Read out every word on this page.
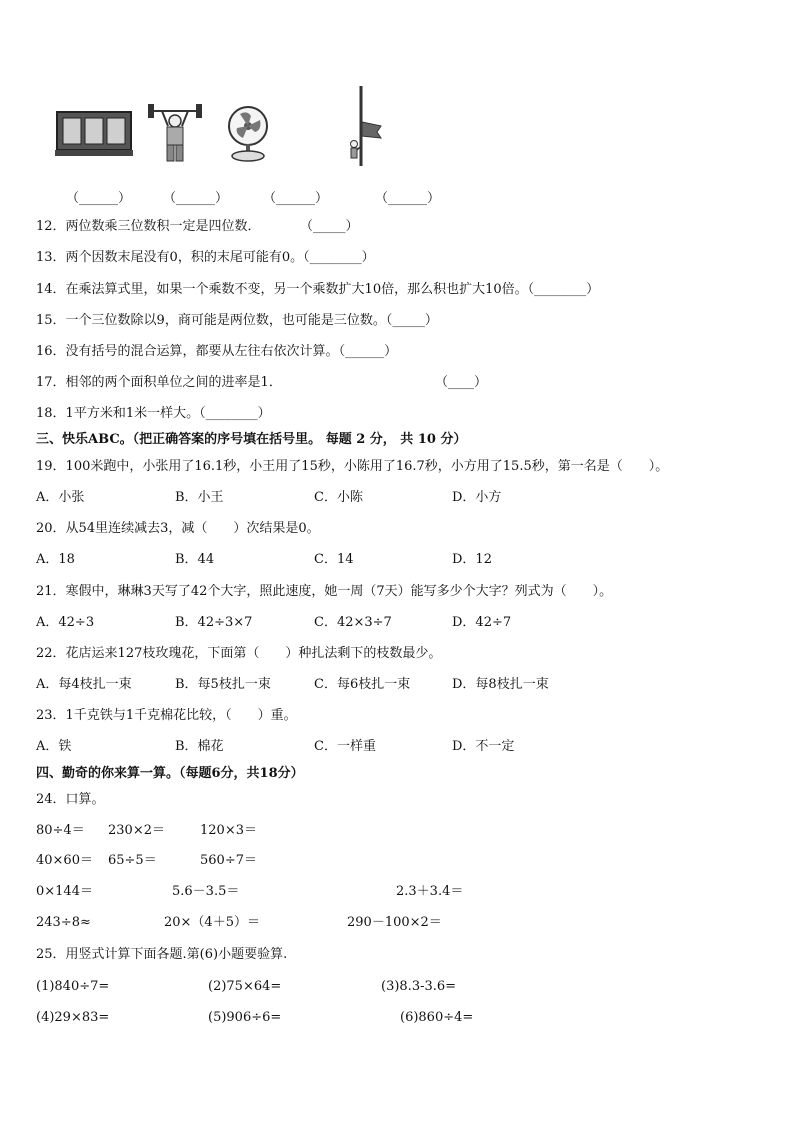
（______） （______）	（______）	（______）
12．两位数乘三位数积一定是四位数．	（_____）
13．两个因数末尾没有0，积的末尾可能有0。（________）
14．在乘法算式里，如果一个乘数不变，另一个乘数扩大10倍，那么积也扩大10倍。（________）
15．一个三位数除以9，商可能是两位数，也可能是三位数。（_____）
16．没有括号的混合运算，都要从左往右依次计算。（______）
17．相邻的两个面积单位之间的进率是1．	（____）
18．1平方米和1米一样大。（________）
三、快乐ABC。（把正确答案的序号填在括号里。 每题 2 分， 共 10 分）
19．100米跑中，小张用了16.1秒，小王用了15秒，小陈用了16.7秒，小方用了15.5秒，第一名是（　　）。
A．小张	B．小王	C．小陈	D．小方
20．从54里连续减去3，减（　　）次结果是0。
A．18	B．44	C．14	D．12
21．寒假中，琳琳3天写了42个大字，照此速度，她一周（7天）能写多少个大字？列式为（　　）。
A．42÷3	B．42÷3×7	C．42×3÷7	D．42÷7
22．花店运来127枝玫瑰花，下面第（　　）种扎法剩下的枝数最少。
A．每4枝扎一束	B．每5枝扎一束	C．每6枝扎一束	D．每8枝扎一束
23．1千克铁与1千克棉花比较，（　　）重。
A．铁	B．棉花	C．一样重	D．不一定
四、勤奇的你来算一算。（每题6分，共18分）
24．口算。
80÷4＝ 230×2＝	120×3＝
40×60＝ 65÷5＝	560÷7＝
0×144＝	5.6－3.5＝	2.3＋3.4＝
243÷8≈	20×（4＋5）＝	290－100×2＝
25．用竖式计算下面各题.第(6)小题要验算.
(1)840÷7=	(2)75×64=	(3)8.3-3.6=
(4)29×83=	(5)906÷6=	(6)860÷4=
